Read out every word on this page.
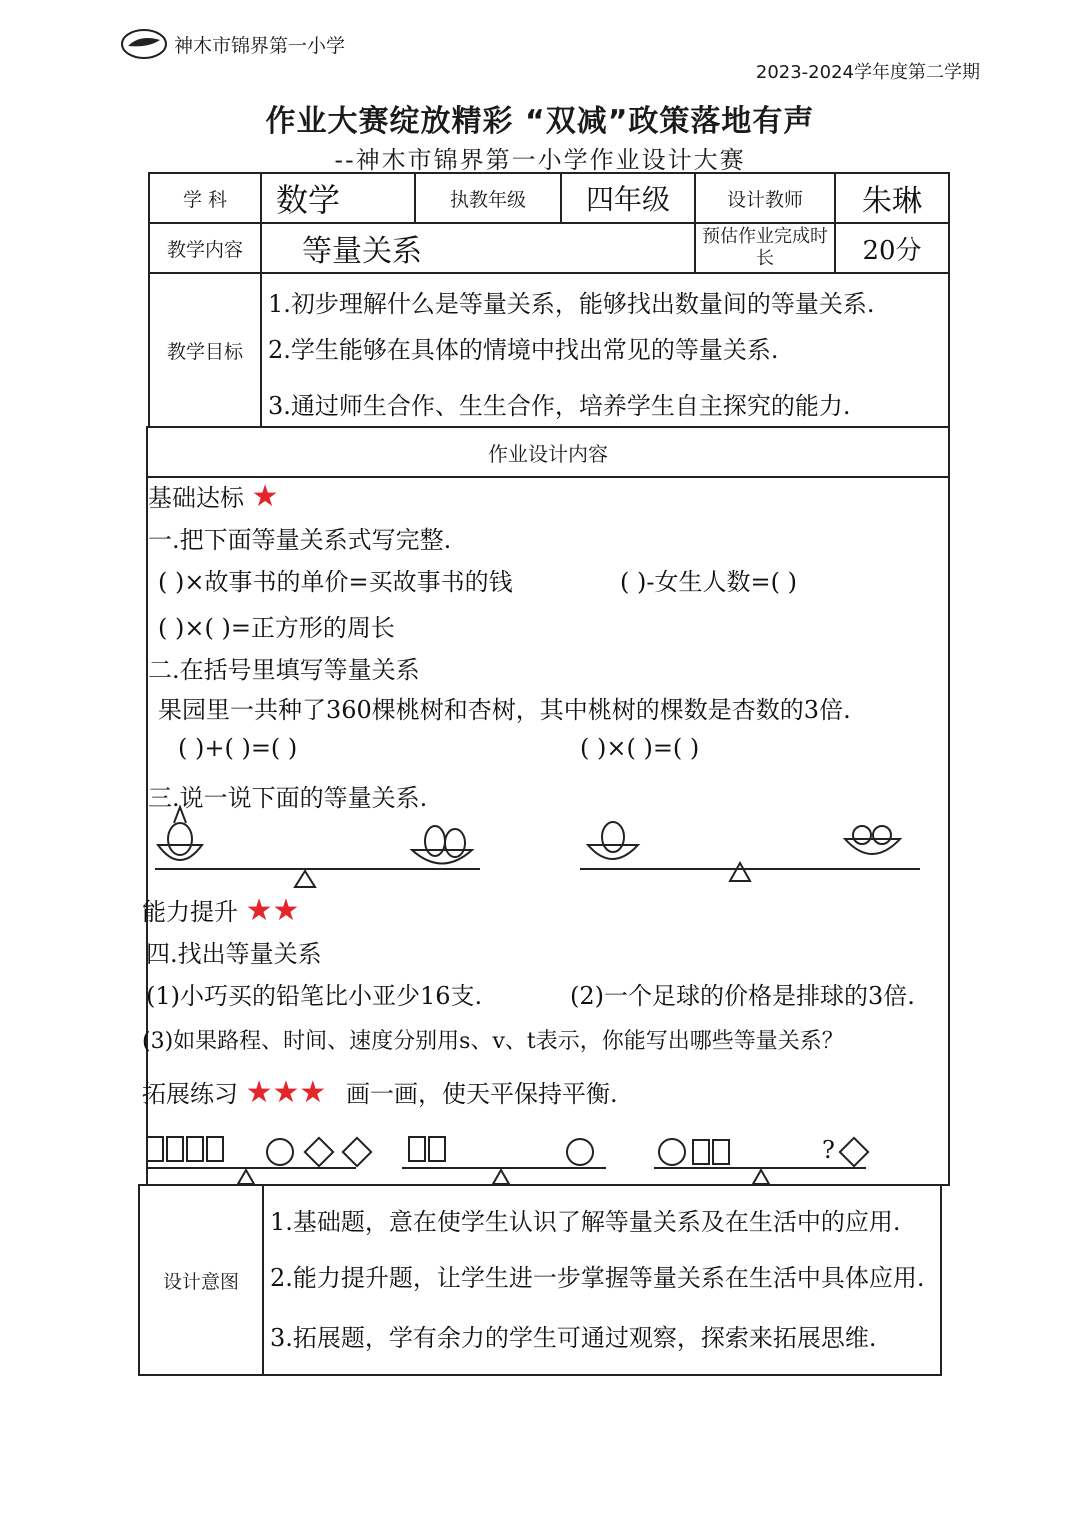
神木市锦界第一小学
2023-2024学年度第二学期
作业大赛绽放精彩 “双减”政策落地有声
--神木市锦界第一小学作业设计大赛
学 科	数学	执教年级	四年级	设计教师	朱琳
教学内容	等量关系	预估作业完成时长	20分
教学目标
1.初步理解什么是等量关系，能够找出数量间的等量关系.
2.学生能够在具体的情境中找出常见的等量关系.
3.通过师生合作、生生合作，培养学生自主探究的能力.
作业设计内容
基础达标 ★
一.把下面等量关系式写完整.
( )×故事书的单价=买故事书的钱	( )-女生人数=( )
( )×( )=正方形的周长
二.在括号里填写等量关系
果园里一共种了360棵桃树和杏树，其中桃树的棵数是杏数的3倍.
( )+( )=( )	( )×( )=( )
三.说一说下面的等量关系.
能力提升 ★★
四.找出等量关系
(1)小巧买的铅笔比小亚少16支.	(2)一个足球的价格是排球的3倍.
(3)如果路程、时间、速度分别用s、v、t表示，你能写出哪些等量关系？
拓展练习 ★★★ 画一画，使天平保持平衡.
?
设计意图
1.基础题，意在使学生认识了解等量关系及在生活中的应用.
2.能力提升题，让学生进一步掌握等量关系在生活中具体应用.
3.拓展题，学有余力的学生可通过观察，探索来拓展思维.
